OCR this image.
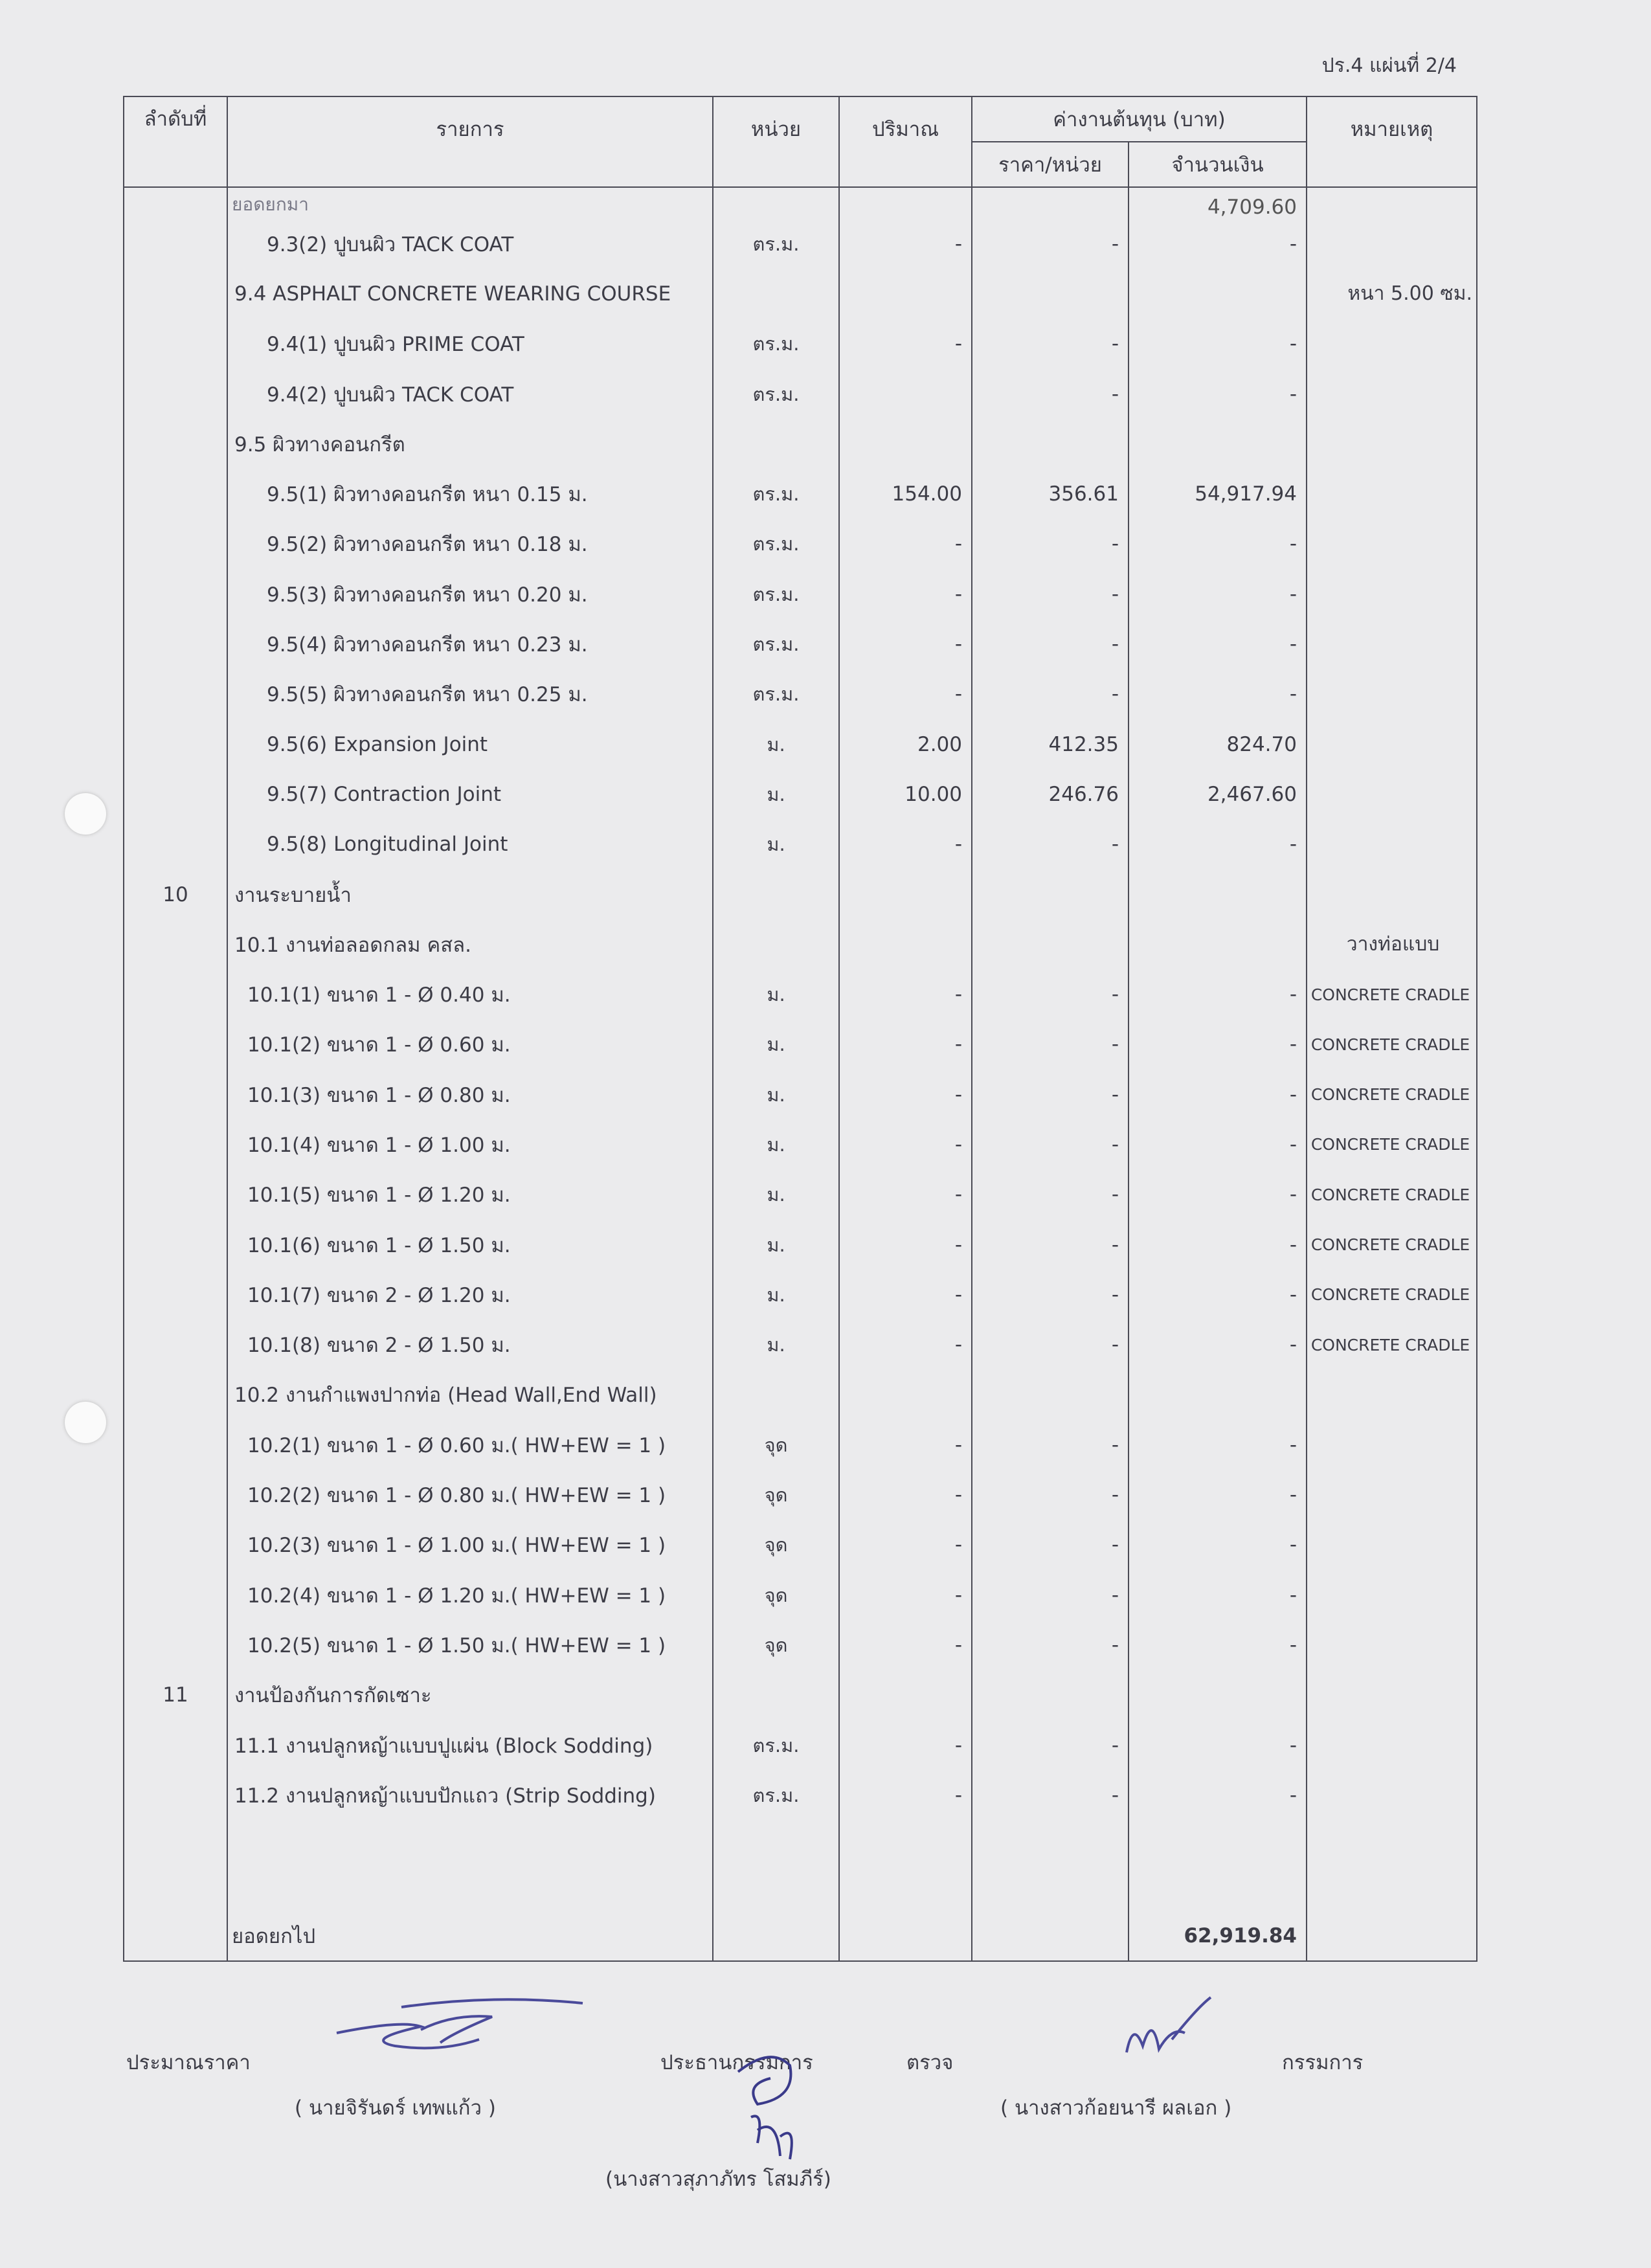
ปร.4 แผ่นที่ 2/4
ลำดับที่	รายการ	หน่วย	ปริมาณ	ค่างานต้นทุน (บาท)		หมายเหตุ
				ราคา/หน่วย	จำนวนเงิน	
	ยอดยกมา				4,709.60	
	9.3(2) ปูบนผิว TACK COAT	ตร.ม.	-	-	-	
	9.4 ASPHALT CONCRETE WEARING COURSE					หนา 5.00 ซม.
	9.4(1) ปูบนผิว PRIME COAT	ตร.ม.	-	-	-	
	9.4(2) ปูบนผิว TACK COAT	ตร.ม.		-	-	
	9.5 ผิวทางคอนกรีต					
	9.5(1) ผิวทางคอนกรีต หนา 0.15 ม.	ตร.ม.	154.00	356.61	54,917.94	
	9.5(2) ผิวทางคอนกรีต หนา 0.18 ม.	ตร.ม.	-	-	-	
	9.5(3) ผิวทางคอนกรีต หนา 0.20 ม.	ตร.ม.	-	-	-	
	9.5(4) ผิวทางคอนกรีต หนา 0.23 ม.	ตร.ม.	-	-	-	
	9.5(5) ผิวทางคอนกรีต หนา 0.25 ม.	ตร.ม.	-	-	-	
	9.5(6) Expansion Joint	ม.	2.00	412.35	824.70	
	9.5(7) Contraction Joint	ม.	10.00	246.76	2,467.60	
	9.5(8) Longitudinal Joint	ม.	-	-	-	
10	งานระบายน้ำ					
	10.1 งานท่อลอดกลม คสล.					วางท่อแบบ
	10.1(1) ขนาด 1 - Ø 0.40 ม.	ม.	-	-	-	CONCRETE CRADLE
	10.1(2) ขนาด 1 - Ø 0.60 ม.	ม.	-	-	-	CONCRETE CRADLE
	10.1(3) ขนาด 1 - Ø 0.80 ม.	ม.	-	-	-	CONCRETE CRADLE
	10.1(4) ขนาด 1 - Ø 1.00 ม.	ม.	-	-	-	CONCRETE CRADLE
	10.1(5) ขนาด 1 - Ø 1.20 ม.	ม.	-	-	-	CONCRETE CRADLE
	10.1(6) ขนาด 1 - Ø 1.50 ม.	ม.	-	-	-	CONCRETE CRADLE
	10.1(7) ขนาด 2 - Ø 1.20 ม.	ม.	-	-	-	CONCRETE CRADLE
	10.1(8) ขนาด 2 - Ø 1.50 ม.	ม.	-	-	-	CONCRETE CRADLE
	10.2 งานกำแพงปากท่อ (Head Wall,End Wall)					
	10.2(1) ขนาด 1 - Ø 0.60 ม.( HW+EW = 1 )	จุด	-	-	-	
	10.2(2) ขนาด 1 - Ø 0.80 ม.( HW+EW = 1 )	จุด	-	-	-	
	10.2(3) ขนาด 1 - Ø 1.00 ม.( HW+EW = 1 )	จุด	-	-	-	
	10.2(4) ขนาด 1 - Ø 1.20 ม.( HW+EW = 1 )	จุด	-	-	-	
	10.2(5) ขนาด 1 - Ø 1.50 ม.( HW+EW = 1 )	จุด	-	-	-	
11	งานป้องกันการกัดเซาะ					
	11.1 งานปลูกหญ้าแบบปูแผ่น (Block Sodding)	ตร.ม.	-	-	-	
	11.2 งานปลูกหญ้าแบบปักแถว (Strip Sodding)	ตร.ม.	-	-	-	

	ยอดยกไป				62,919.84	
ประมาณราคา
( นายจิรันดร์ เทพแก้ว )
ประธานกรรมการ
(นางสาวสุภาภัทร โสมภีร์)
ตรวจ
( นางสาวก้อยนารี ผลเอก )
กรรมการ
